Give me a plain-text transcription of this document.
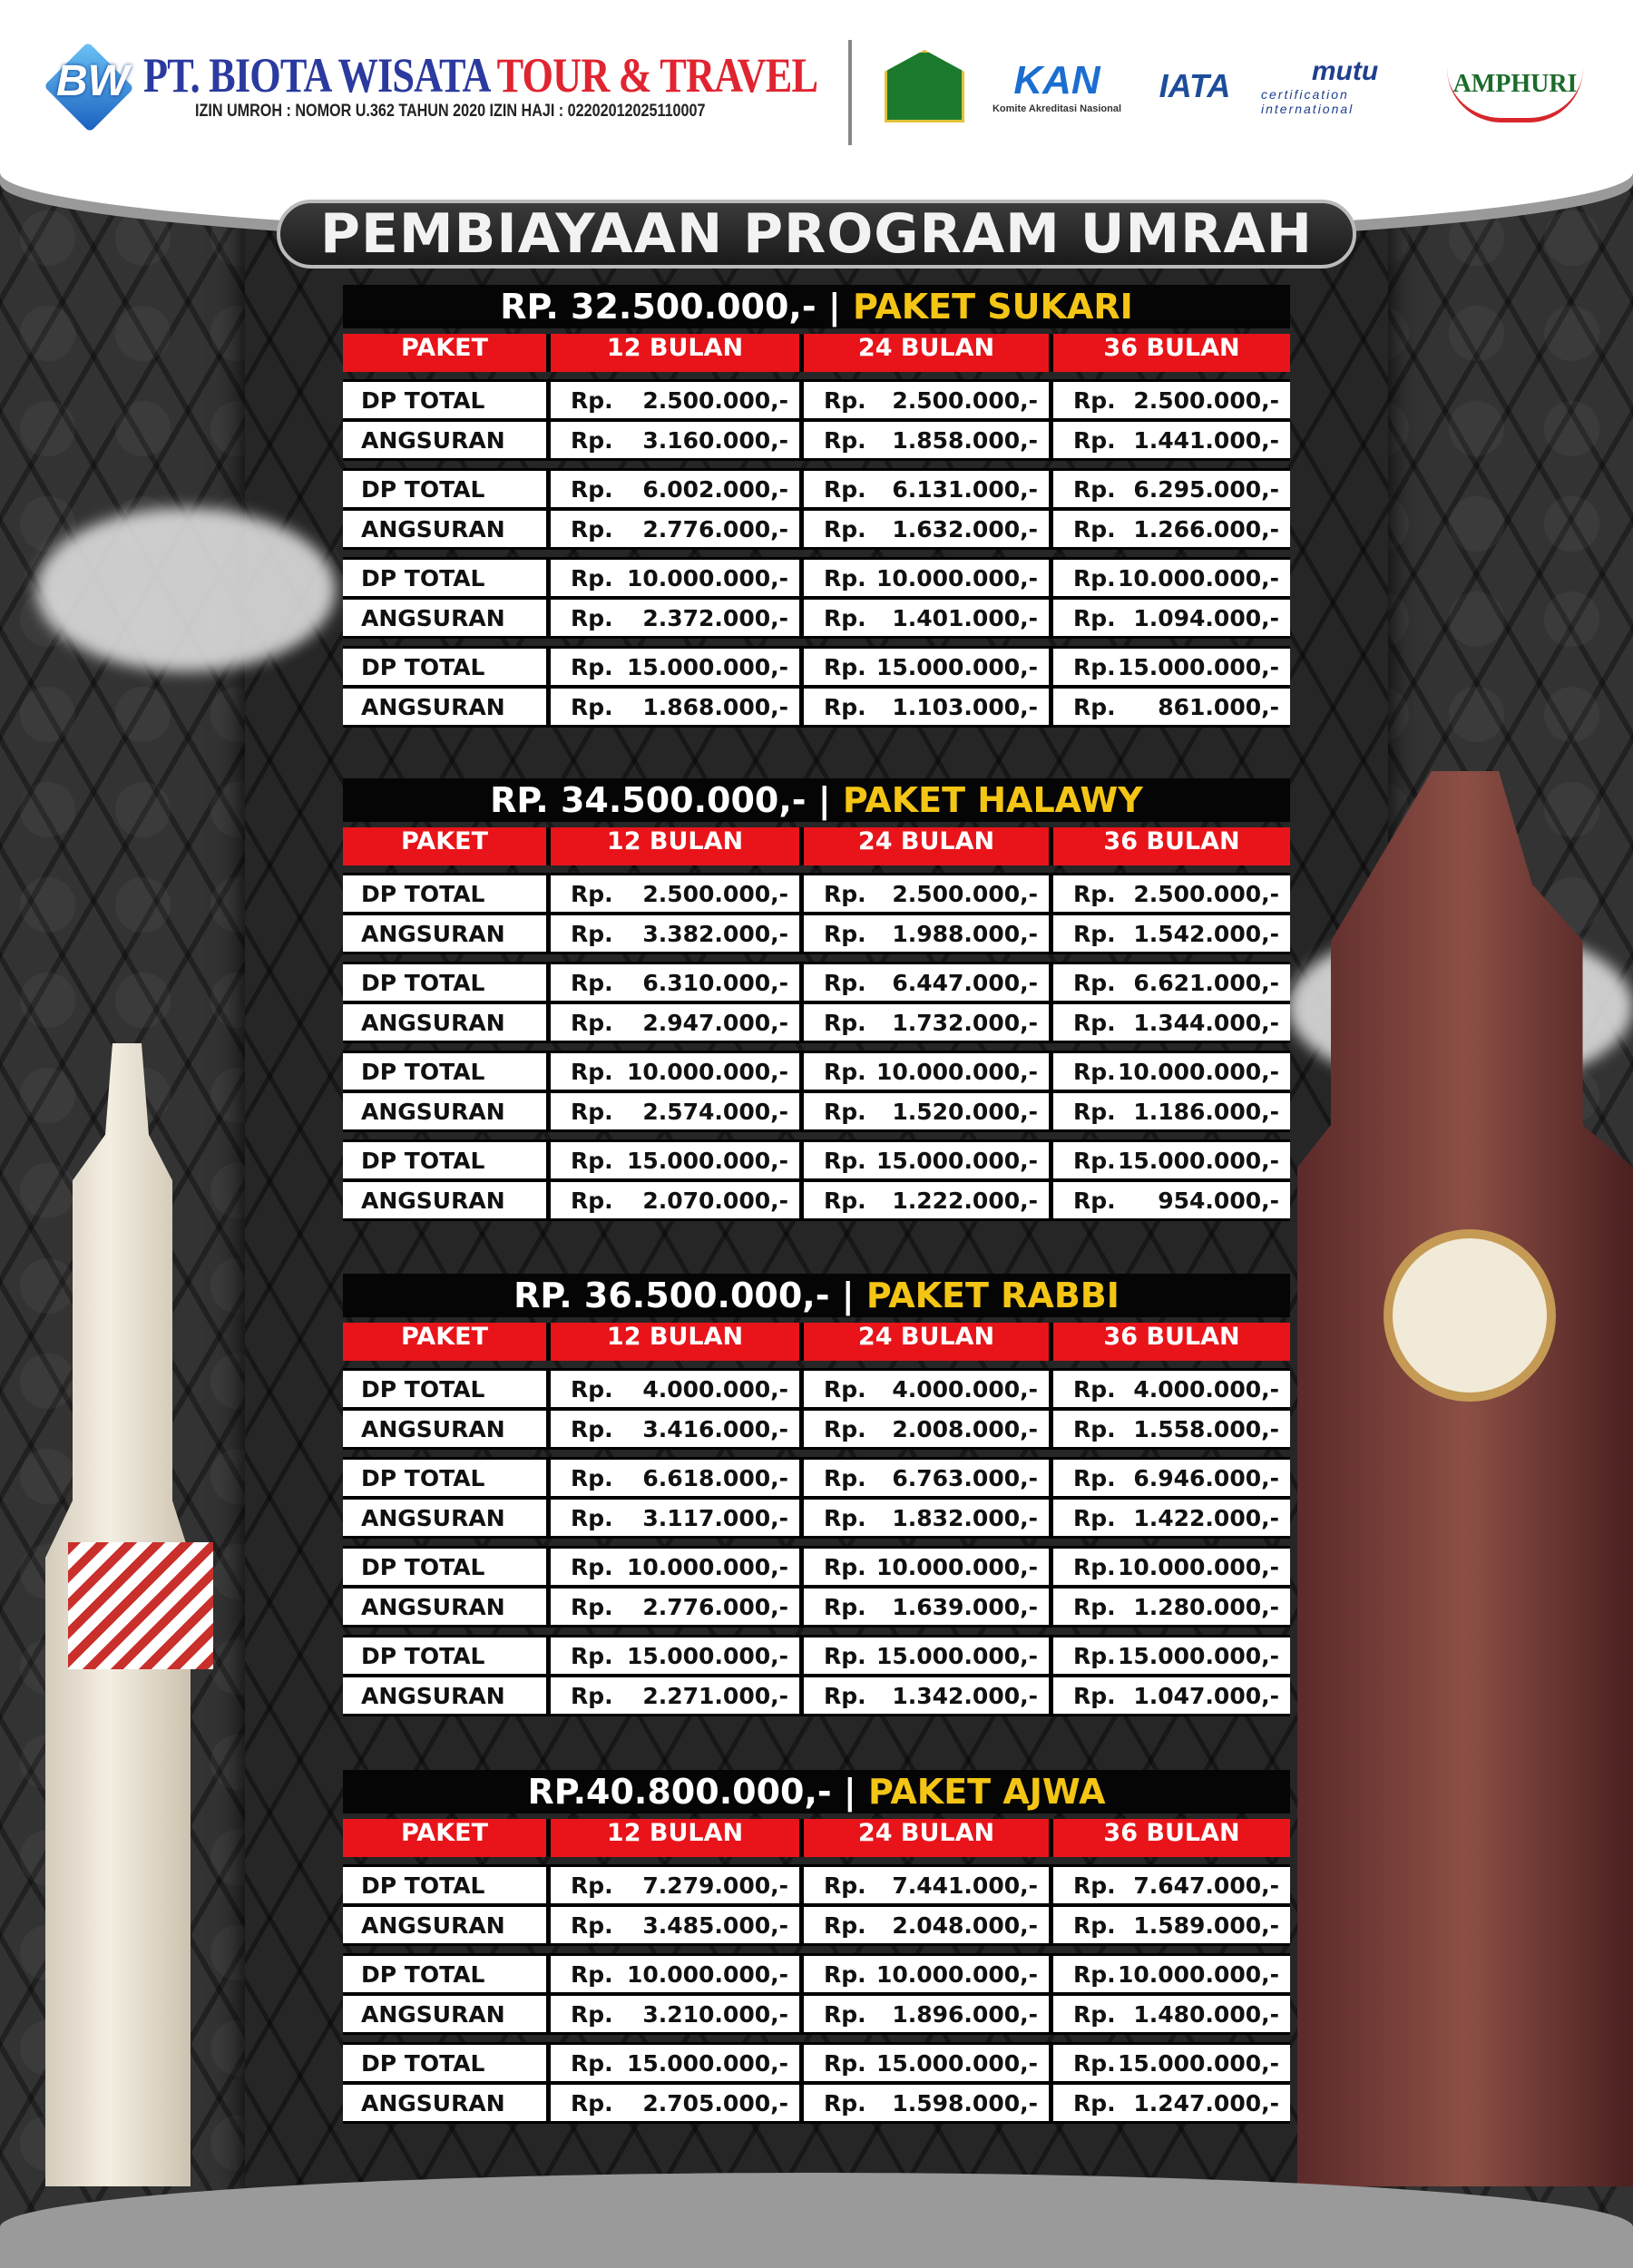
BW PT. BIOTA WISATA TOUR & TRAVEL
IZIN UMROH : NOMOR U.362 TAHUN 2020 IZIN HAJI : 02202012025110007
KAN
Komite Akreditasi Nasional
IATA	mutu
certification international
AMPHURI
PEMBIAYAAN PROGRAM UMRAH
RP. 32.500.000,- | PAKET SUKARI
PAKET	12 BULAN	24 BULAN	36 BULAN
DP TOTAL	Rp. 2.500.000,- Rp. 2.500.000,- Rp. 2.500.000,-
ANGSURAN	Rp. 3.160.000,- Rp. 1.858.000,- Rp. 1.441.000,-
DP TOTAL	Rp. 6.002.000,- Rp. 6.131.000,- Rp. 6.295.000,-
ANGSURAN	Rp. 2.776.000,- Rp. 1.632.000,- Rp. 1.266.000,-
DP TOTAL	Rp. 10.000.000,- Rp. 10.000.000,- Rp. 10.000.000,-
ANGSURAN	Rp. 2.372.000,- Rp. 1.401.000,- Rp. 1.094.000,-
DP TOTAL	Rp. 15.000.000,- Rp. 15.000.000,- Rp. 15.000.000,-
ANGSURAN	Rp. 1.868.000,- Rp. 1.103.000,- Rp. 861.000,-
RP. 34.500.000,- | PAKET HALAWY
PAKET	12 BULAN	24 BULAN	36 BULAN
DP TOTAL	Rp. 2.500.000,- Rp. 2.500.000,- Rp. 2.500.000,-
ANGSURAN	Rp. 3.382.000,- Rp. 1.988.000,- Rp. 1.542.000,-
DP TOTAL	Rp. 6.310.000,- Rp. 6.447.000,- Rp. 6.621.000,-
ANGSURAN	Rp. 2.947.000,- Rp. 1.732.000,- Rp. 1.344.000,-
DP TOTAL	Rp. 10.000.000,- Rp. 10.000.000,- Rp. 10.000.000,-
ANGSURAN	Rp. 2.574.000,- Rp. 1.520.000,- Rp. 1.186.000,-
DP TOTAL	Rp. 15.000.000,- Rp. 15.000.000,- Rp. 15.000.000,-
ANGSURAN	Rp. 2.070.000,- Rp. 1.222.000,- Rp. 954.000,-
RP. 36.500.000,- | PAKET RABBI
PAKET	12 BULAN	24 BULAN	36 BULAN
DP TOTAL	Rp. 4.000.000,- Rp. 4.000.000,- Rp. 4.000.000,-
ANGSURAN	Rp. 3.416.000,- Rp. 2.008.000,- Rp. 1.558.000,-
DP TOTAL	Rp. 6.618.000,- Rp. 6.763.000,- Rp. 6.946.000,-
ANGSURAN	Rp. 3.117.000,- Rp. 1.832.000,- Rp. 1.422.000,-
DP TOTAL	Rp. 10.000.000,- Rp. 10.000.000,- Rp. 10.000.000,-
ANGSURAN	Rp. 2.776.000,- Rp. 1.639.000,- Rp. 1.280.000,-
DP TOTAL	Rp. 15.000.000,- Rp. 15.000.000,- Rp. 15.000.000,-
ANGSURAN	Rp. 2.271.000,- Rp. 1.342.000,- Rp. 1.047.000,-
RP.40.800.000,- | PAKET AJWA
PAKET	12 BULAN	24 BULAN	36 BULAN
DP TOTAL	Rp. 7.279.000,- Rp. 7.441.000,- Rp. 7.647.000,-
ANGSURAN	Rp. 3.485.000,- Rp. 2.048.000,- Rp. 1.589.000,-
DP TOTAL	Rp. 10.000.000,- Rp. 10.000.000,- Rp. 10.000.000,-
ANGSURAN	Rp. 3.210.000,- Rp. 1.896.000,- Rp. 1.480.000,-
DP TOTAL	Rp. 15.000.000,- Rp. 15.000.000,- Rp. 15.000.000,-
ANGSURAN	Rp. 2.705.000,- Rp. 1.598.000,- Rp. 1.247.000,-
